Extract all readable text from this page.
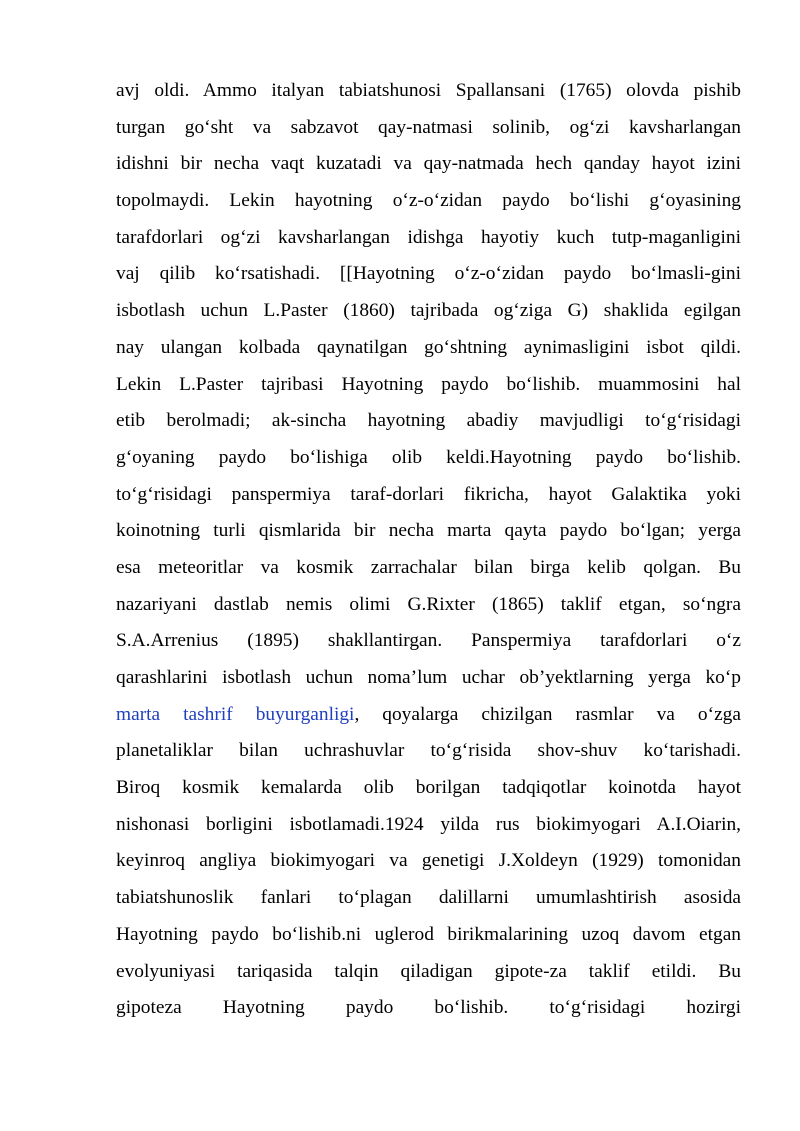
avj oldi. Ammo italyan tabiatshunosi Spallansani (1765) olovda pishib
turgan go‘sht va sabzavot qay-natmasi solinib, og‘zi kavsharlangan
idishni bir necha vaqt kuzatadi va qay-natmada hech qanday hayot izini
topolmaydi. Lekin hayotning o‘z-o‘zidan paydo bo‘lishi g‘oyasining
tarafdorlari og‘zi kavsharlangan idishga hayotiy kuch tutp-maganligini
vaj qilib ko‘rsatishadi. [[Hayotning o‘z-o‘zidan paydo bo‘lmasli-gini
isbotlash uchun L.Paster (1860) tajribada og‘ziga G) shaklida egilgan
nay ulangan kolbada qaynatilgan go‘shtning aynimasligini isbot qildi.
Lekin L.Paster tajribasi Hayotning paydo bo‘lishib. muammosini hal
etib berolmadi; ak-sincha hayotning abadiy mavjudligi to‘g‘risidagi
g‘oyaning paydo bo‘lishiga olib keldi.Hayotning paydo bo‘lishib.
to‘g‘risidagi panspermiya taraf-dorlari fikricha, hayot Galaktika yoki
koinotning turli qismlarida bir necha marta qayta paydo bo‘lgan; yerga
esa meteoritlar va kosmik zarrachalar bilan birga kelib qolgan. Bu
nazariyani dastlab nemis olimi G.Rixter (1865) taklif etgan, so‘ngra
S.A.Arrenius (1895) shakllantirgan. Panspermiya tarafdorlari o‘z
qarashlarini isbotlash uchun noma’lum uchar ob’yektlarning yerga ko‘p
marta tashrif buyurganligi, qoyalarga chizilgan rasmlar va o‘zga
planetaliklar bilan uchrashuvlar to‘g‘risida shov-shuv ko‘tarishadi.
Biroq kosmik kemalarda olib borilgan tadqiqotlar koinotda hayot
nishonasi borligini isbotlamadi.1924 yilda rus biokimyogari A.I.Oiarin,
keyinroq angliya biokimyogari va genetigi J.Xoldeyn (1929) tomonidan
tabiatshunoslik fanlari to‘plagan dalillarni umumlashtirish asosida
Hayotning paydo bo‘lishib.ni uglerod birikmalarining uzoq davom etgan
evolyuniyasi tariqasida talqin qiladigan gipote-za taklif etildi. Bu
gipoteza Hayotning paydo bo‘lishib. to‘g‘risidagi hozirgi
